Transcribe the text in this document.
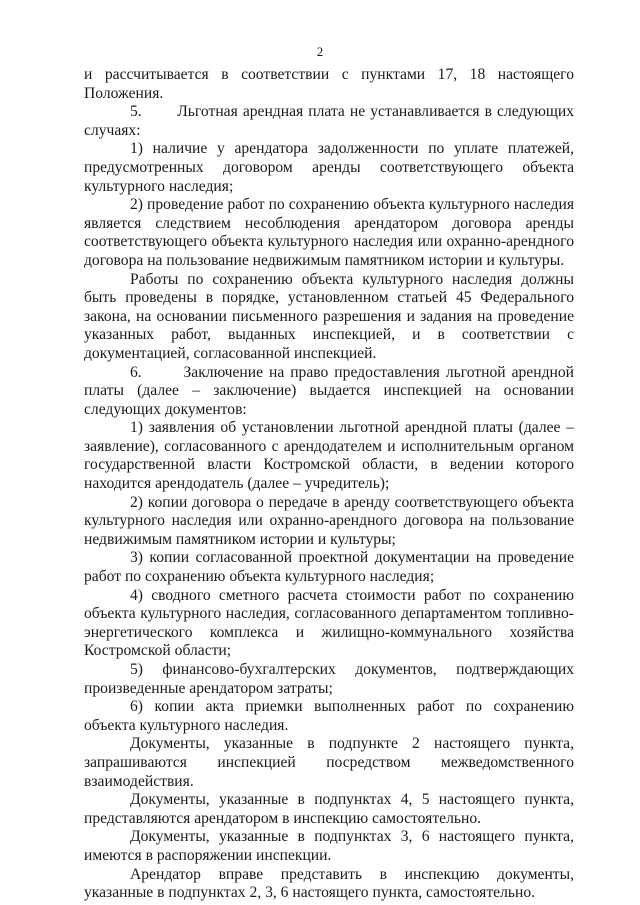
2

и рассчитывается в соответствии с пунктами 17, 18 настоящего Положения.

5.       Льготная арендная плата не устанавливается в следующих случаях:

1) наличие у арендатора задолженности по уплате платежей, предусмотренных договором аренды соответствующего объекта культурного наследия;

2) проведение работ по сохранению объекта культурного наследия является следствием несоблюдения арендатором договора аренды соответствующего объекта культурного наследия или охранно-арендного договора на пользование недвижимым памятником истории и культуры.

Работы по сохранению объекта культурного наследия должны быть проведены в порядке, установленном статьей 45 Федерального закона, на основании письменного разрешения и задания на проведение указанных работ, выданных инспекцией, и в соответствии с документацией, согласованной инспекцией.

6.       Заключение на право предоставления льготной арендной платы (далее – заключение) выдается инспекцией на основании следующих документов:

1) заявления об установлении льготной арендной платы (далее – заявление), согласованного с арендодателем и исполнительным органом государственной власти Костромской области, в ведении которого находится арендодатель (далее – учредитель);

2) копии договора о передаче в аренду соответствующего объекта культурного наследия или охранно-арендного договора на пользование недвижимым памятником истории и культуры;

3) копии согласованной проектной документации на проведение работ по сохранению объекта культурного наследия;

4) сводного сметного расчета стоимости работ по сохранению объекта культурного наследия, согласованного департаментом топливно-энергетического комплекса и жилищно-коммунального хозяйства Костромской области;

5) финансово-бухгалтерских документов, подтверждающих произведенные арендатором затраты;

6) копии акта приемки выполненных работ по сохранению объекта культурного наследия.

Документы, указанные в подпункте 2 настоящего пункта, запрашиваются инспекцией посредством межведомственного взаимодействия.

Документы, указанные в подпунктах 4, 5 настоящего пункта, представляются арендатором в инспекцию самостоятельно.

Документы, указанные в подпунктах 3, 6 настоящего пункта, имеются в распоряжении инспекции.

Арендатор вправе представить в инспекцию документы, указанные в подпунктах 2, 3, 6 настоящего пункта, самостоятельно.
